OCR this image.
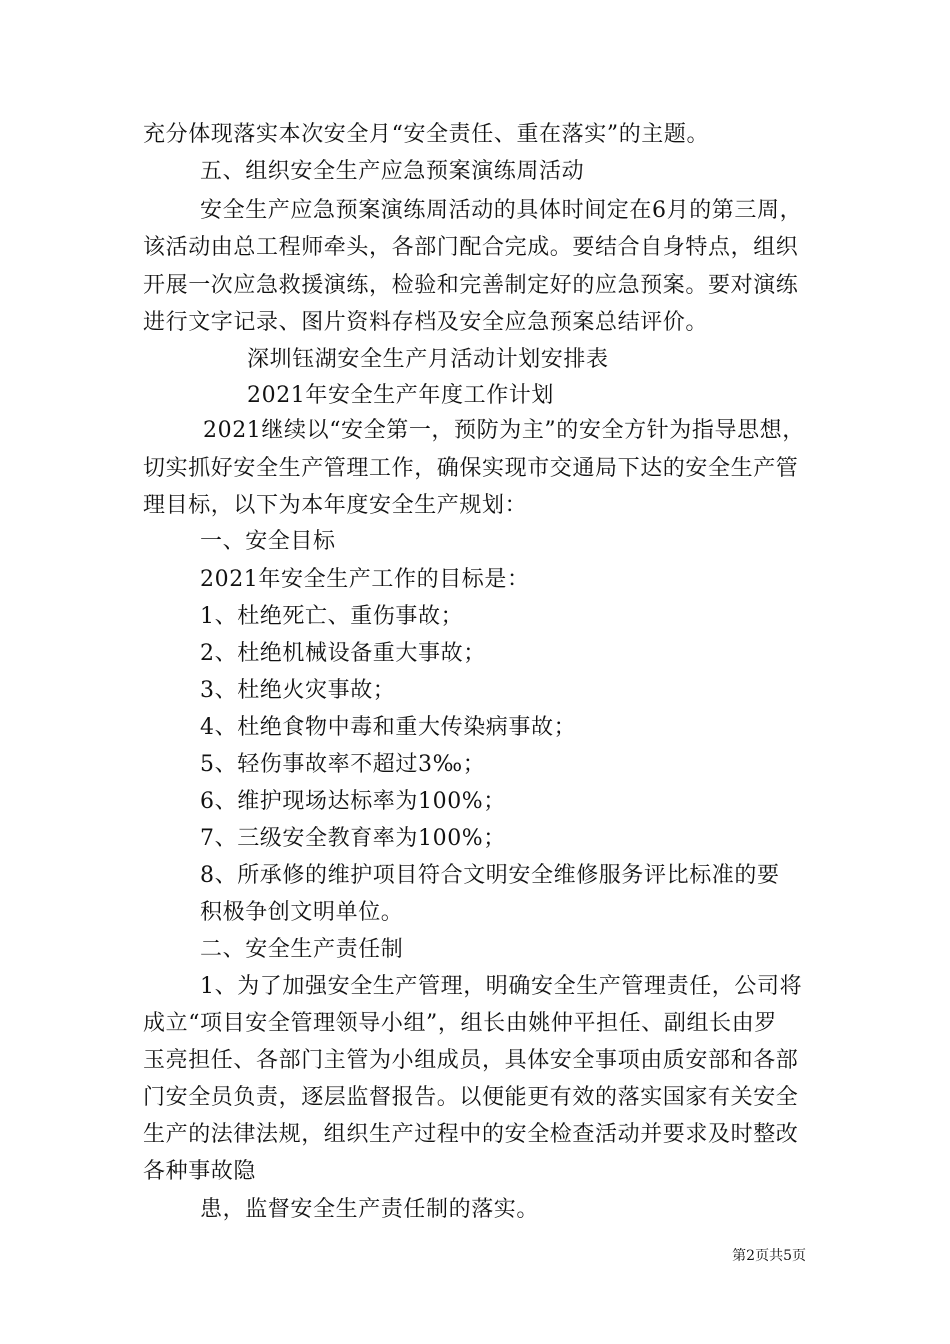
充分体现落实本次安全月“安全责任、重在落实”的主题。
五、组织安全生产应急预案演练周活动
安全生产应急预案演练周活动的具体时间定在6月的第三周，
该活动由总工程师牵头，各部门配合完成。要结合自身特点，组织
开展一次应急救援演练，检验和完善制定好的应急预案。要对演练
进行文字记录、图片资料存档及安全应急预案总结评价。
深圳钰湖安全生产月活动计划安排表
2021年安全生产年度工作计划
2021继续以“安全第一，预防为主”的安全方针为指导思想，
切实抓好安全生产管理工作，确保实现市交通局下达的安全生产管
理目标，以下为本年度安全生产规划：
一、安全目标
2021年安全生产工作的目标是：
1、杜绝死亡、重伤事故；
2、杜绝机械设备重大事故；
3、杜绝火灾事故；
4、杜绝食物中毒和重大传染病事故；
5、轻伤事故率不超过3‰；
6、维护现场达标率为100%；
7、三级安全教育率为100%；
8、所承修的维护项目符合文明安全维修服务评比标准的要
积极争创文明单位。
二、安全生产责任制
1、为了加强安全生产管理，明确安全生产管理责任，公司将
成立“项目安全管理领导小组”，组长由姚仲平担任、副组长由罗
玉亮担任、各部门主管为小组成员，具体安全事项由质安部和各部
门安全员负责，逐层监督报告。以便能更有效的落实国家有关安全
生产的法律法规，组织生产过程中的安全检查活动并要求及时整改
各种事故隐
患，监督安全生产责任制的落实。
第2页共5页
